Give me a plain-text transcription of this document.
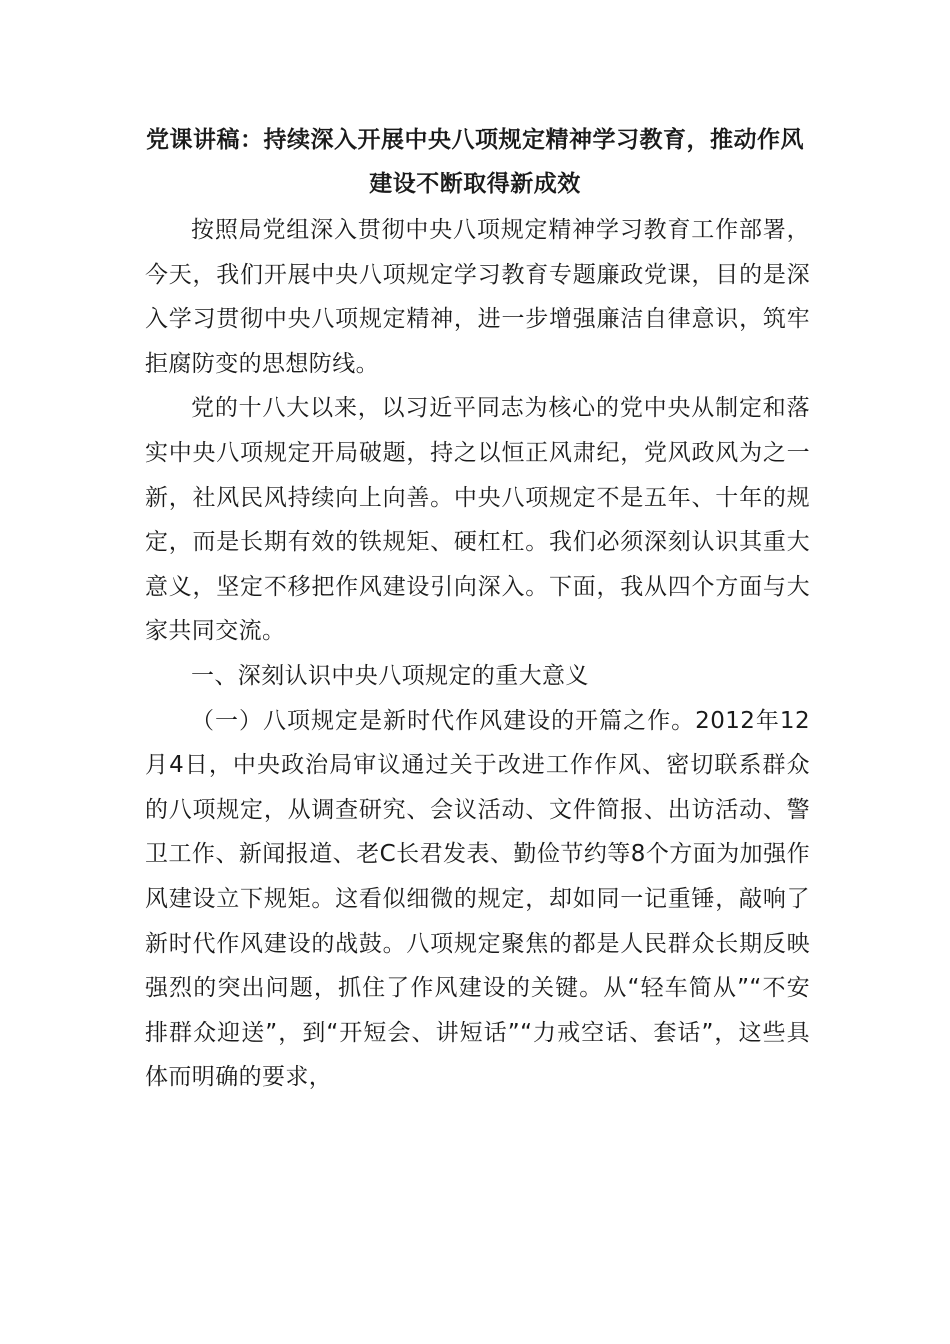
党课讲稿：持续深入开展中央八项规定精神学习教育，推动作风建设不断取得新成效

按照局党组深入贯彻中央八项规定精神学习教育工作部署，今天，我们开展中央八项规定学习教育专题廉政党课，目的是深入学习贯彻中央八项规定精神，进一步增强廉洁自律意识，筑牢拒腐防变的思想防线。

党的十八大以来，以习近平同志为核心的党中央从制定和落实中央八项规定开局破题，持之以恒正风肃纪，党风政风为之一新，社风民风持续向上向善。中央八项规定不是五年、十年的规定，而是长期有效的铁规矩、硬杠杠。我们必须深刻认识其重大意义，坚定不移把作风建设引向深入。下面，我从四个方面与大家共同交流。

一、深刻认识中央八项规定的重大意义

（一）八项规定是新时代作风建设的开篇之作。2012年12月4日，中央政治局审议通过关于改进工作作风、密切联系群众的八项规定，从调查研究、会议活动、文件简报、出访活动、警卫工作、新闻报道、老C长君发表、勤俭节约等8个方面为加强作风建设立下规矩。这看似细微的规定，却如同一记重锤，敲响了新时代作风建设的战鼓。八项规定聚焦的都是人民群众长期反映强烈的突出问题，抓住了作风建设的关键。从“轻车简从”“不安排群众迎送”，到“开短会、讲短话”“力戒空话、套话”，这些具体而明确的要求，
